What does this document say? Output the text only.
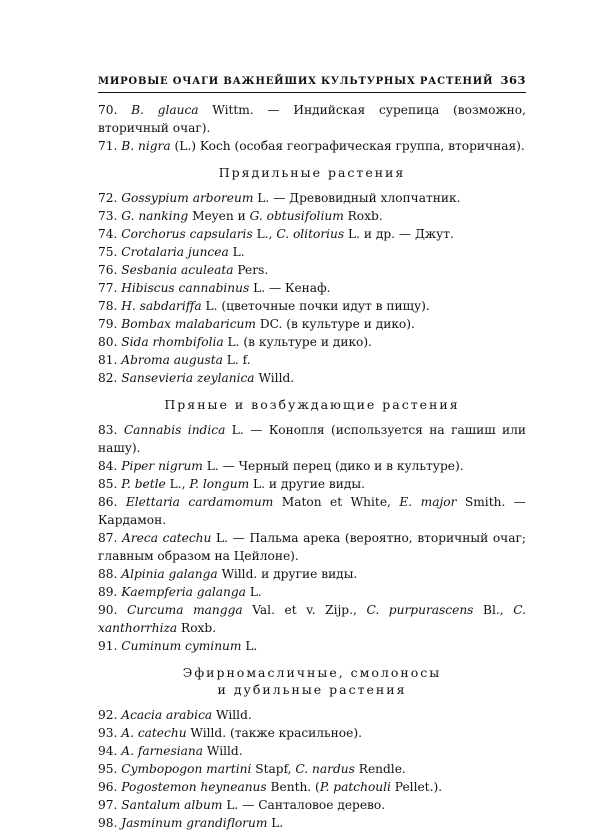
МИРОВЫЕ ОЧАГИ ВАЖНЕЙШИХ КУЛЬТУРНЫХ РАСТЕНИЙ 363
70. B. glauca Wittm. — Индийская сурепица (возможно, вторичный очаг).
71. B. nigra (L.) Koch (особая географическая группа, вторичная).
Прядильные растения
72. Gossypium arboreum L. — Древовидный хлопчатник.
73. G. nanking Meyen и G. obtusifolium Roxb.
74. Corchorus capsularis L., C. olitorius L. и др. — Джут.
75. Crotalaria juncea L.
76. Sesbania aculeata Pers.
77. Hibiscus cannabinus L. — Кенаф.
78. H. sabdariffa L. (цветочные почки идут в пищу).
79. Bombax malabaricum DC. (в культуре и дико).
80. Sida rhombifolia L. (в культуре и дико).
81. Abroma augusta L. f.
82. Sansevieria zeylanica Willd.
Пряные и возбуждающие растения
83. Cannabis indica L. — Конопля (используется на гашиш или нашу).
84. Piper nigrum L. — Черный перец (дико и в культуре).
85. P. betle L., P. longum L. и другие виды.
86. Elettaria cardamomum Maton et White, E. major Smith. — Кардамон.
87. Areca catechu L. — Пальма арека (вероятно, вторичный очаг; главным образом на Цейлоне).
88. Alpinia galanga Willd. и другие виды.
89. Kaempferia galanga L.
90. Curcuma mangga Val. et v. Zijp., C. purpurascens Bl., C. xanthorrhiza Roxb.
91. Cuminum cyminum L.
Эфирномасличные, смолоносы
и дубильные растения
92. Acacia arabica Willd.
93. A. catechu Willd. (также красильное).
94. A. farnesiana Willd.
95. Cymbopogon martini Stapf, C. nardus Rendle.
96. Pogostemon heyneanus Benth. (P. patchouli Pellet.).
97. Santalum album L. — Санталовое дерево.
98. Jasminum grandiflorum L.
